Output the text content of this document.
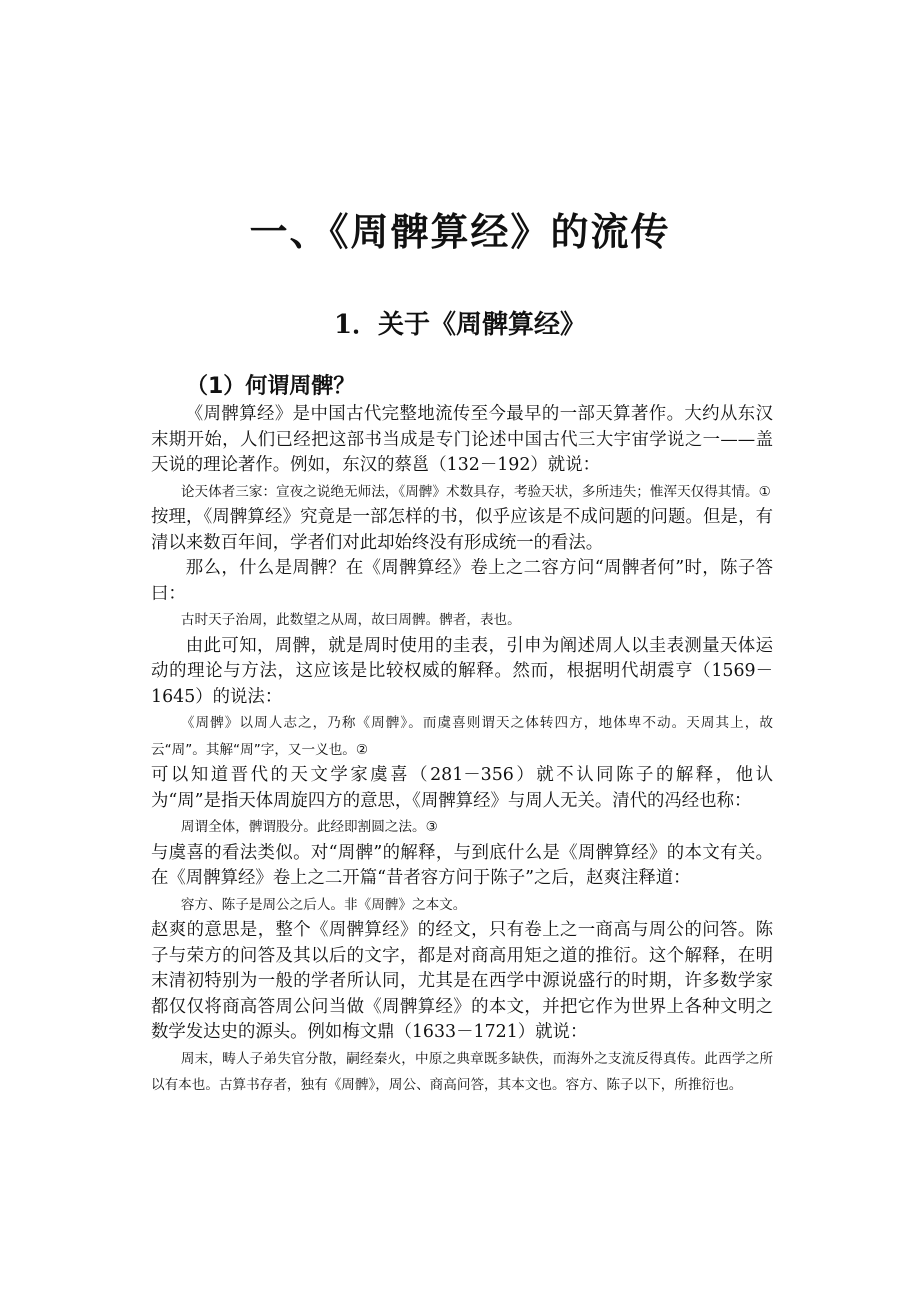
一、《周髀算经》的流传
1．关于《周髀算经》
（1）何谓周髀？

《周髀算经》是中国古代完整地流传至今最早的一部天算著作。大约从东汉末期开始，人们已经把这部书当成是专门论述中国古代三大宇宙学说之一——盖天说的理论著作。例如，东汉的蔡邕（132－192）就说：

论天体者三家：宣夜之说绝无师法，《周髀》术数具存，考验天状，多所违失；惟浑天仅得其情。①

按理，《周髀算经》究竟是一部怎样的书，似乎应该是不成问题的问题。但是，有清以来数百年间，学者们对此却始终没有形成统一的看法。

那么，什么是周髀？在《周髀算经》卷上之二容方问“周髀者何”时，陈子答曰：

古时天子治周，此数望之从周，故曰周髀。髀者，表也。

由此可知，周髀，就是周时使用的圭表，引申为阐述周人以圭表测量天体运动的理论与方法，这应该是比较权威的解释。然而，根据明代胡震亨（1569－1645）的说法：

《周髀》以周人志之，乃称《周髀》。而虞喜则谓天之体转四方，地体卑不动。天周其上，故云“周”。其解“周”字，又一义也。②

可以知道晋代的天文学家虞喜（281－356）就不认同陈子的解释，他认为“周”是指天体周旋四方的意思，《周髀算经》与周人无关。清代的冯经也称：

周谓全体，髀谓股分。此经即割圆之法。③

与虞喜的看法类似。对“周髀”的解释，与到底什么是《周髀算经》的本文有关。在《周髀算经》卷上之二开篇“昔者容方问于陈子”之后，赵爽注释道：

容方、陈子是周公之后人。非《周髀》之本文。

赵爽的意思是，整个《周髀算经》的经文，只有卷上之一商高与周公的问答。陈子与荣方的问答及其以后的文字，都是对商高用矩之道的推衍。这个解释，在明末清初特别为一般的学者所认同，尤其是在西学中源说盛行的时期，许多数学家都仅仅将商高答周公问当做《周髀算经》的本文，并把它作为世界上各种文明之数学发达史的源头。例如梅文鼎（1633－1721）就说：

周末，畴人子弟失官分散，嗣经秦火，中原之典章既多缺佚，而海外之支流反得真传。此西学之所以有本也。古算书存者，独有《周髀》，周公、商高问答，其本文也。容方、陈子以下，所推衍也。
